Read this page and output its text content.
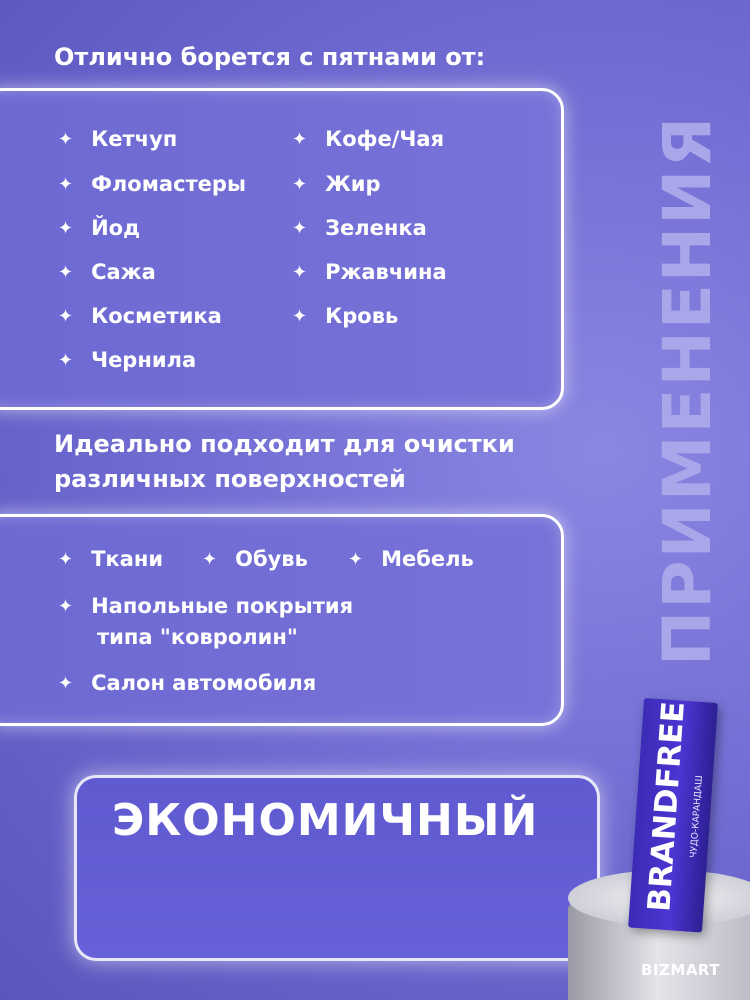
ПРИМЕНЕНИЯ
Отлично борется с пятнами от:
✦ Кетчуп
✦ Фломастеры
✦ Йод
✦ Сажа
✦ Косметика
✦ Чернила
✦ Кофе/Чая
✦ Жир
✦ Зеленка
✦ Ржавчина
✦ Кровь
Идеально подходит для очистки
различных поверхностей
✦ Ткани ✦ Обувь ✦ Мебель
✦ Напольные покрытия
типа "ковролин"
✦ Салон автомобиля
ЭКОНОМИЧНЫЙ	BRANDFREE
ЧУДО-КАРАНДАШ
BIZMART
